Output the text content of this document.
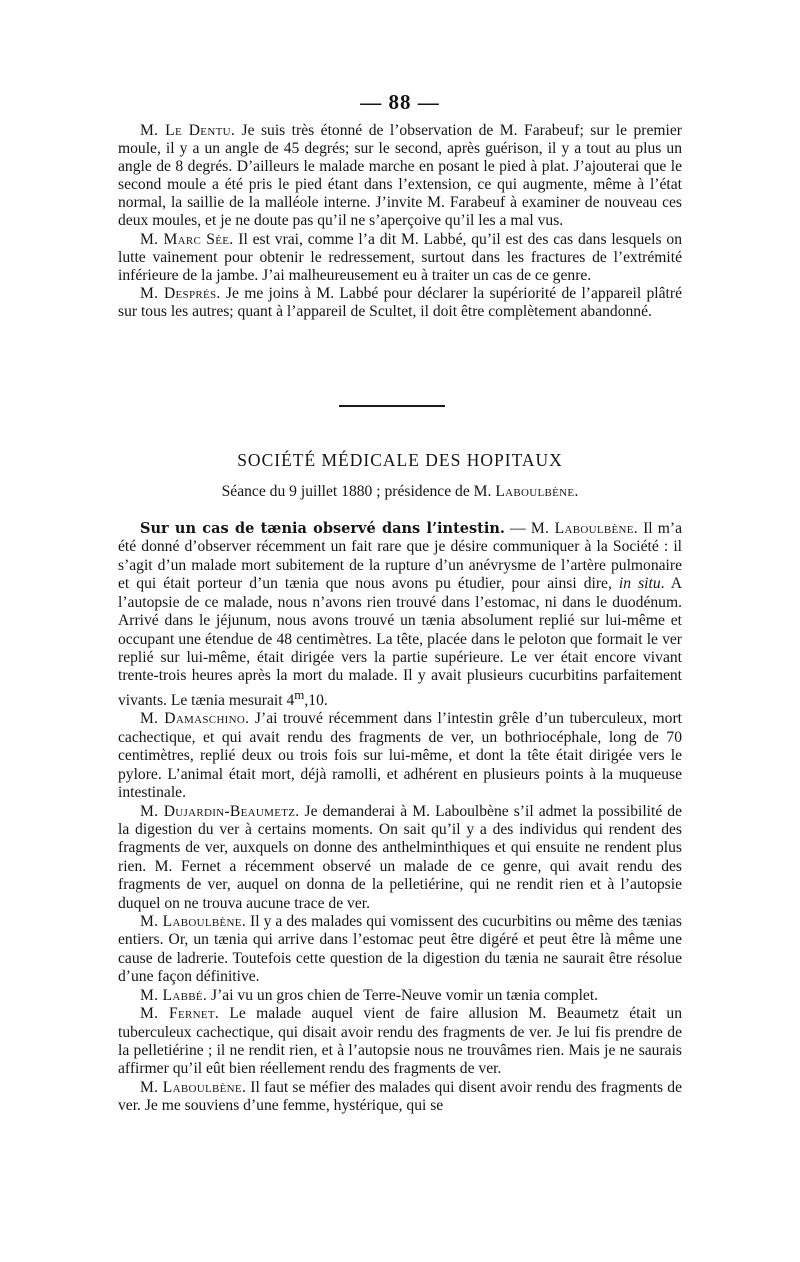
— 88 —

M. Le Dentu. Je suis très étonné de l’observation de M. Farabeuf; sur le premier moule, il y a un angle de 45 degrés; sur le second, après guérison, il y a tout au plus un angle de 8 degrés. D’ailleurs le malade marche en posant le pied à plat. J’ajouterai que le second moule a été pris le pied étant dans l’extension, ce qui augmente, même à l’état normal, la saillie de la malléole interne. J’invite M. Farabeuf à examiner de nouveau ces deux moules, et je ne doute pas qu’il ne s’aperçoive qu’il les a mal vus.

M. Marc Sée. Il est vrai, comme l’a dit M. Labbé, qu’il est des cas dans lesquels on lutte vainement pour obtenir le redressement, surtout dans les fractures de l’extrémité inférieure de la jambe. J’ai malheureusement eu à traiter un cas de ce genre.

M. Després. Je me joins à M. Labbé pour déclarer la supériorité de l’appareil plâtré sur tous les autres; quant à l’appareil de Scultet, il doit être complètement abandonné.

SOCIÉTÉ MÉDICALE DES HOPITAUX
Séance du 9 juillet 1880 ; présidence de M. Laboulbène.

Sur un cas de tænia observé dans l’intestin. — M. Laboulbène. Il m’a été donné d’observer récemment un fait rare que je désire communiquer à la Société : il s’agit d’un malade mort subitement de la rupture d’un anévrysme de l’artère pulmonaire et qui était porteur d’un tænia que nous avons pu étudier, pour ainsi dire, in situ. A l’autopsie de ce malade, nous n’avons rien trouvé dans l’estomac, ni dans le duodénum. Arrivé dans le jéjunum, nous avons trouvé un tænia absolument replié sur lui-même et occupant une étendue de 48 centimètres. La tête, placée dans le peloton que formait le ver replié sur lui-même, était dirigée vers la partie supérieure. Le ver était encore vivant trente-trois heures après la mort du malade. Il y avait plusieurs cucurbitins parfaitement vivants. Le tænia mesurait 4$^m$,10.

M. Damaschino. J’ai trouvé récemment dans l’intestin grêle d’un tuberculeux, mort cachectique, et qui avait rendu des fragments de ver, un bothriocéphale, long de 70 centimètres, replié deux ou trois fois sur lui-même, et dont la tête était dirigée vers le pylore. L’animal était mort, déjà ramolli, et adhérent en plusieurs points à la muqueuse intestinale.

M. Dujardin-Beaumetz. Je demanderai à M. Laboulbène s’il admet la possibilité de la digestion du ver à certains moments. On sait qu’il y a des individus qui rendent des fragments de ver, auxquels on donne des anthelminthiques et qui ensuite ne rendent plus rien. M. Fernet a récemment observé un malade de ce genre, qui avait rendu des fragments de ver, auquel on donna de la pelletiérine, qui ne rendit rien et à l’autopsie duquel on ne trouva aucune trace de ver.

M. Laboulbène. Il y a des malades qui vomissent des cucurbitins ou même des tænias entiers. Or, un tænia qui arrive dans l’estomac peut être digéré et peut être là même une cause de ladrerie. Toutefois cette question de la digestion du tænia ne saurait être résolue d’une façon définitive.

M. Labbé. J’ai vu un gros chien de Terre-Neuve vomir un tænia complet.

M. Fernet. Le malade auquel vient de faire allusion M. Beaumetz était un tuberculeux cachectique, qui disait avoir rendu des fragments de ver. Je lui fis prendre de la pelletiérine ; il ne rendit rien, et à l’autopsie nous ne trouvâmes rien. Mais je ne saurais affirmer qu’il eût bien réellement rendu des fragments de ver.

M. Laboulbène. Il faut se méfier des malades qui disent avoir rendu des fragments de ver. Je me souviens d’une femme, hystérique, qui se
